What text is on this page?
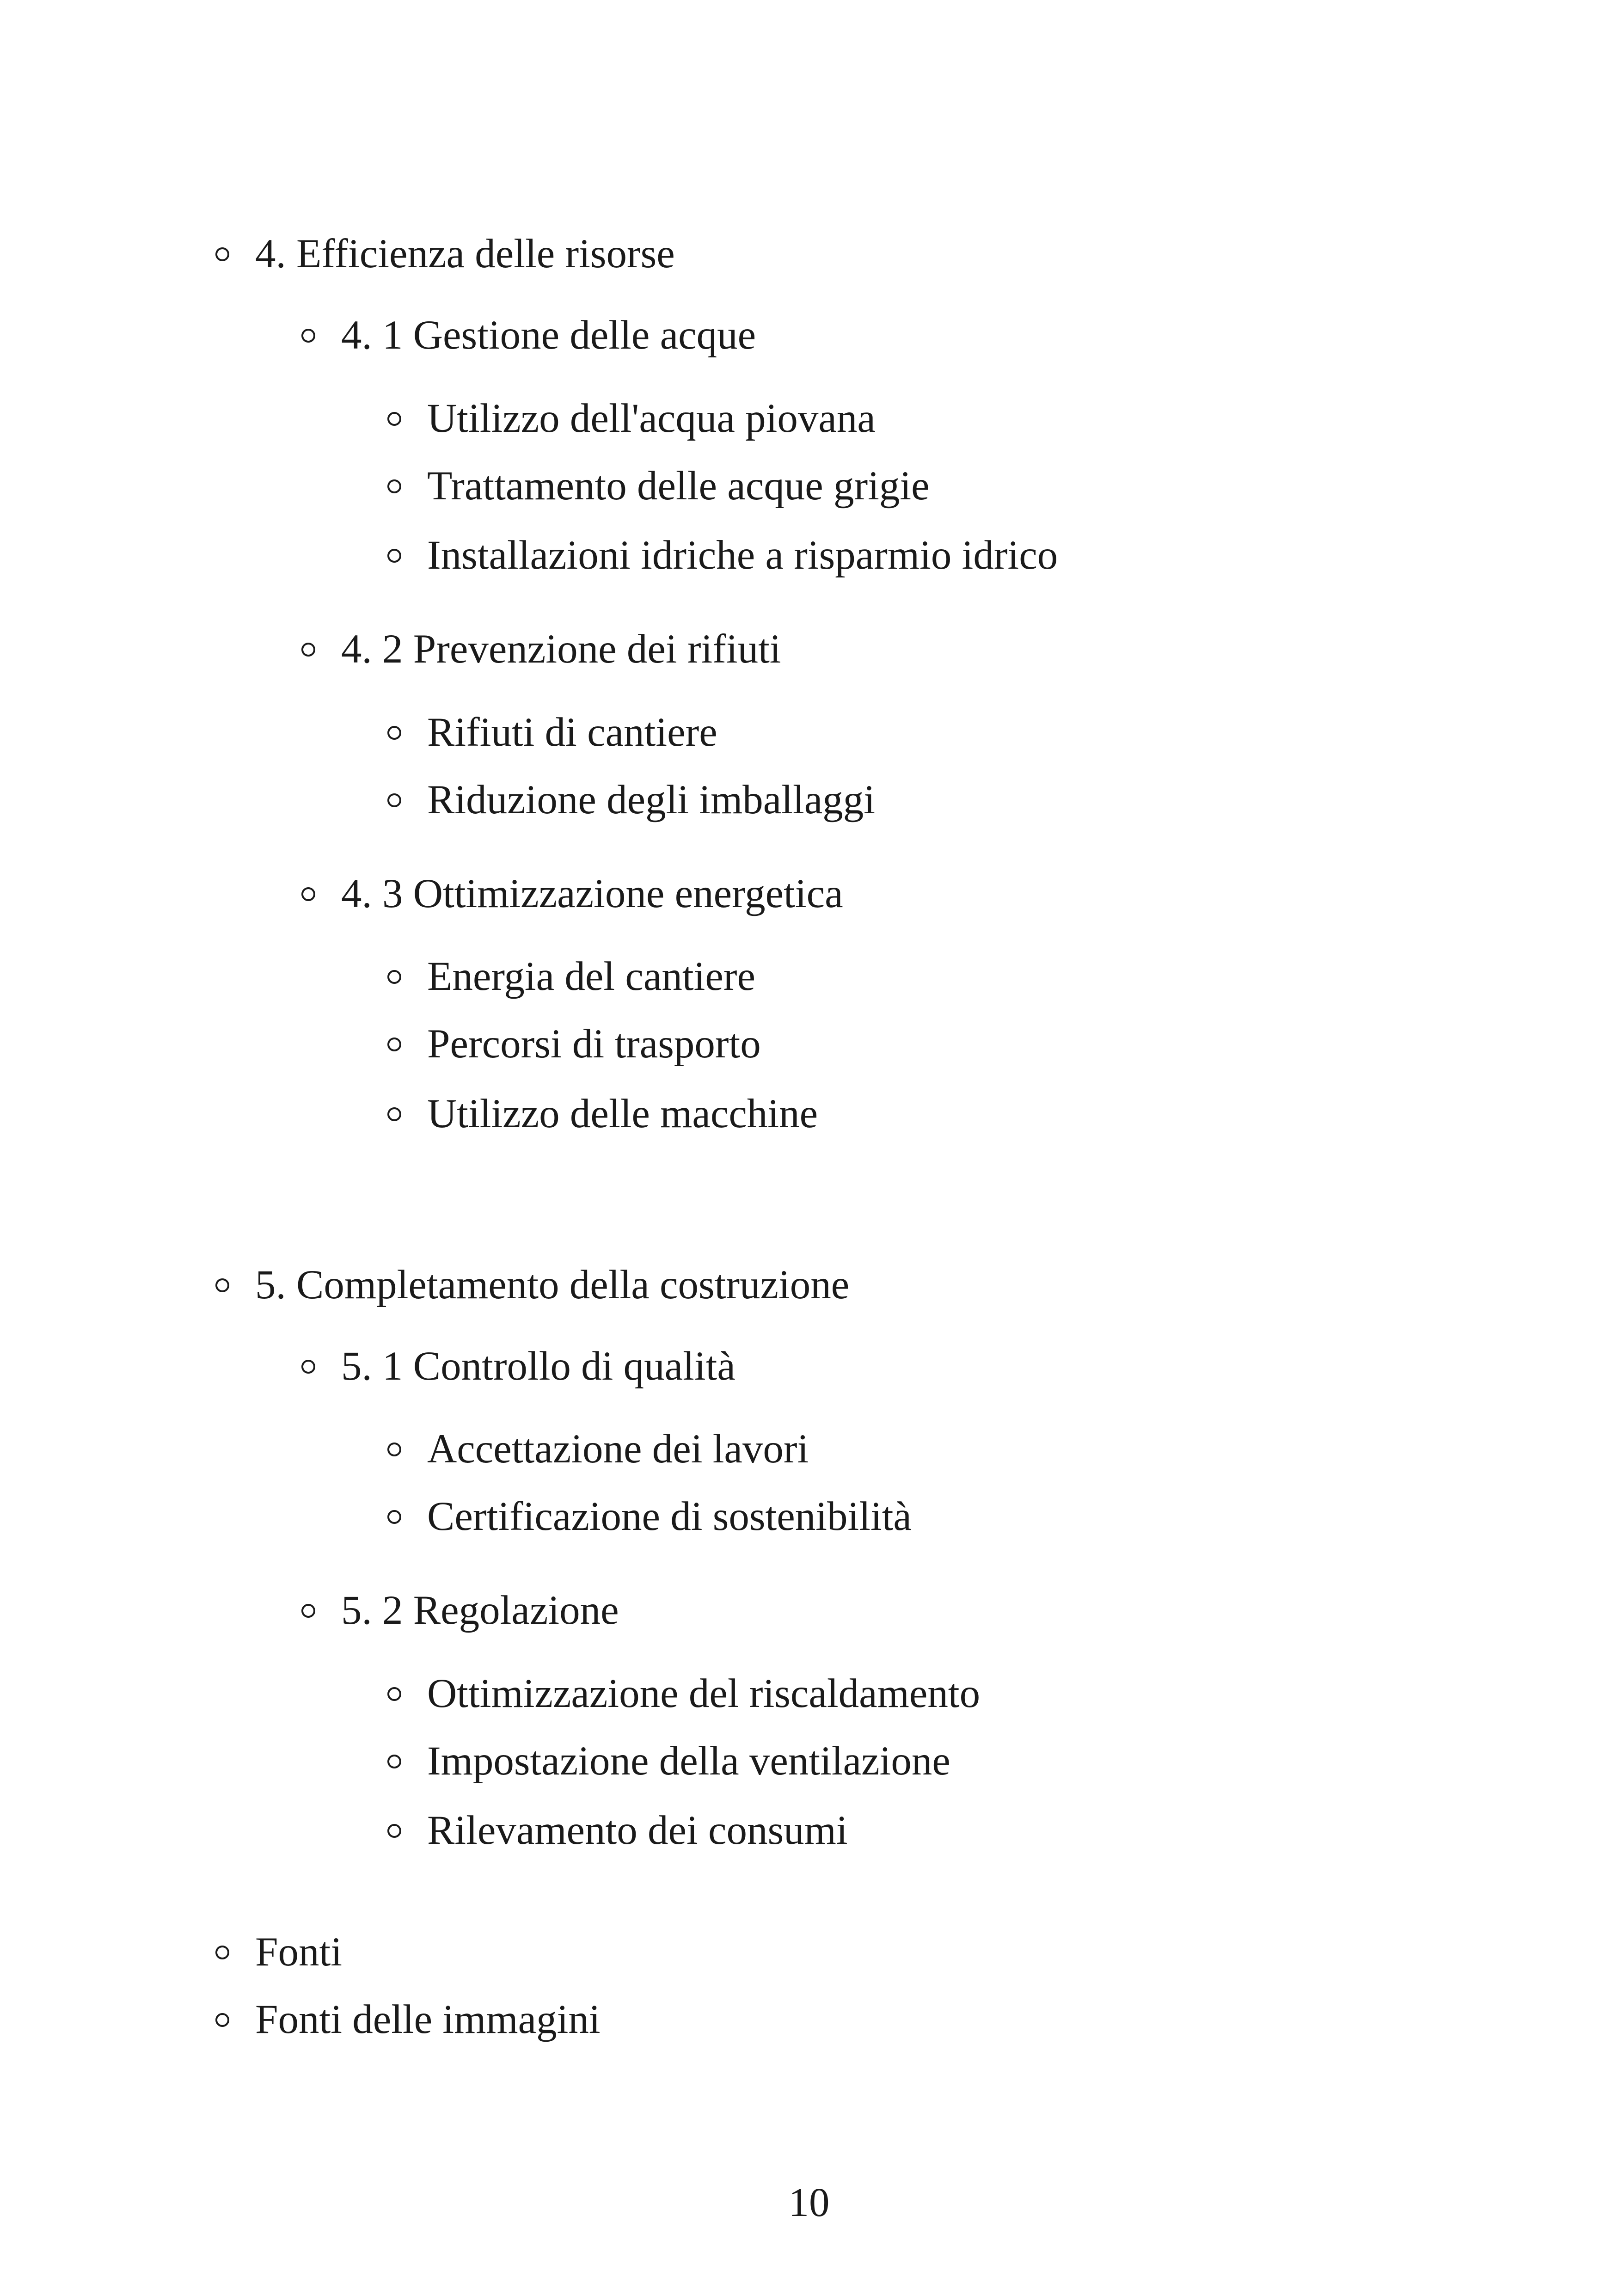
4. Efficienza delle risorse
4. 1 Gestione delle acque
Utilizzo dell'acqua piovana
Trattamento delle acque grigie
Installazioni idriche a risparmio idrico
4. 2 Prevenzione dei rifiuti
Rifiuti di cantiere
Riduzione degli imballaggi
4. 3 Ottimizzazione energetica
Energia del cantiere
Percorsi di trasporto
Utilizzo delle macchine
5. Completamento della costruzione
5. 1 Controllo di qualità
Accettazione dei lavori
Certificazione di sostenibilità
5. 2 Regolazione
Ottimizzazione del riscaldamento
Impostazione della ventilazione
Rilevamento dei consumi
Fonti
Fonti delle immagini
10
